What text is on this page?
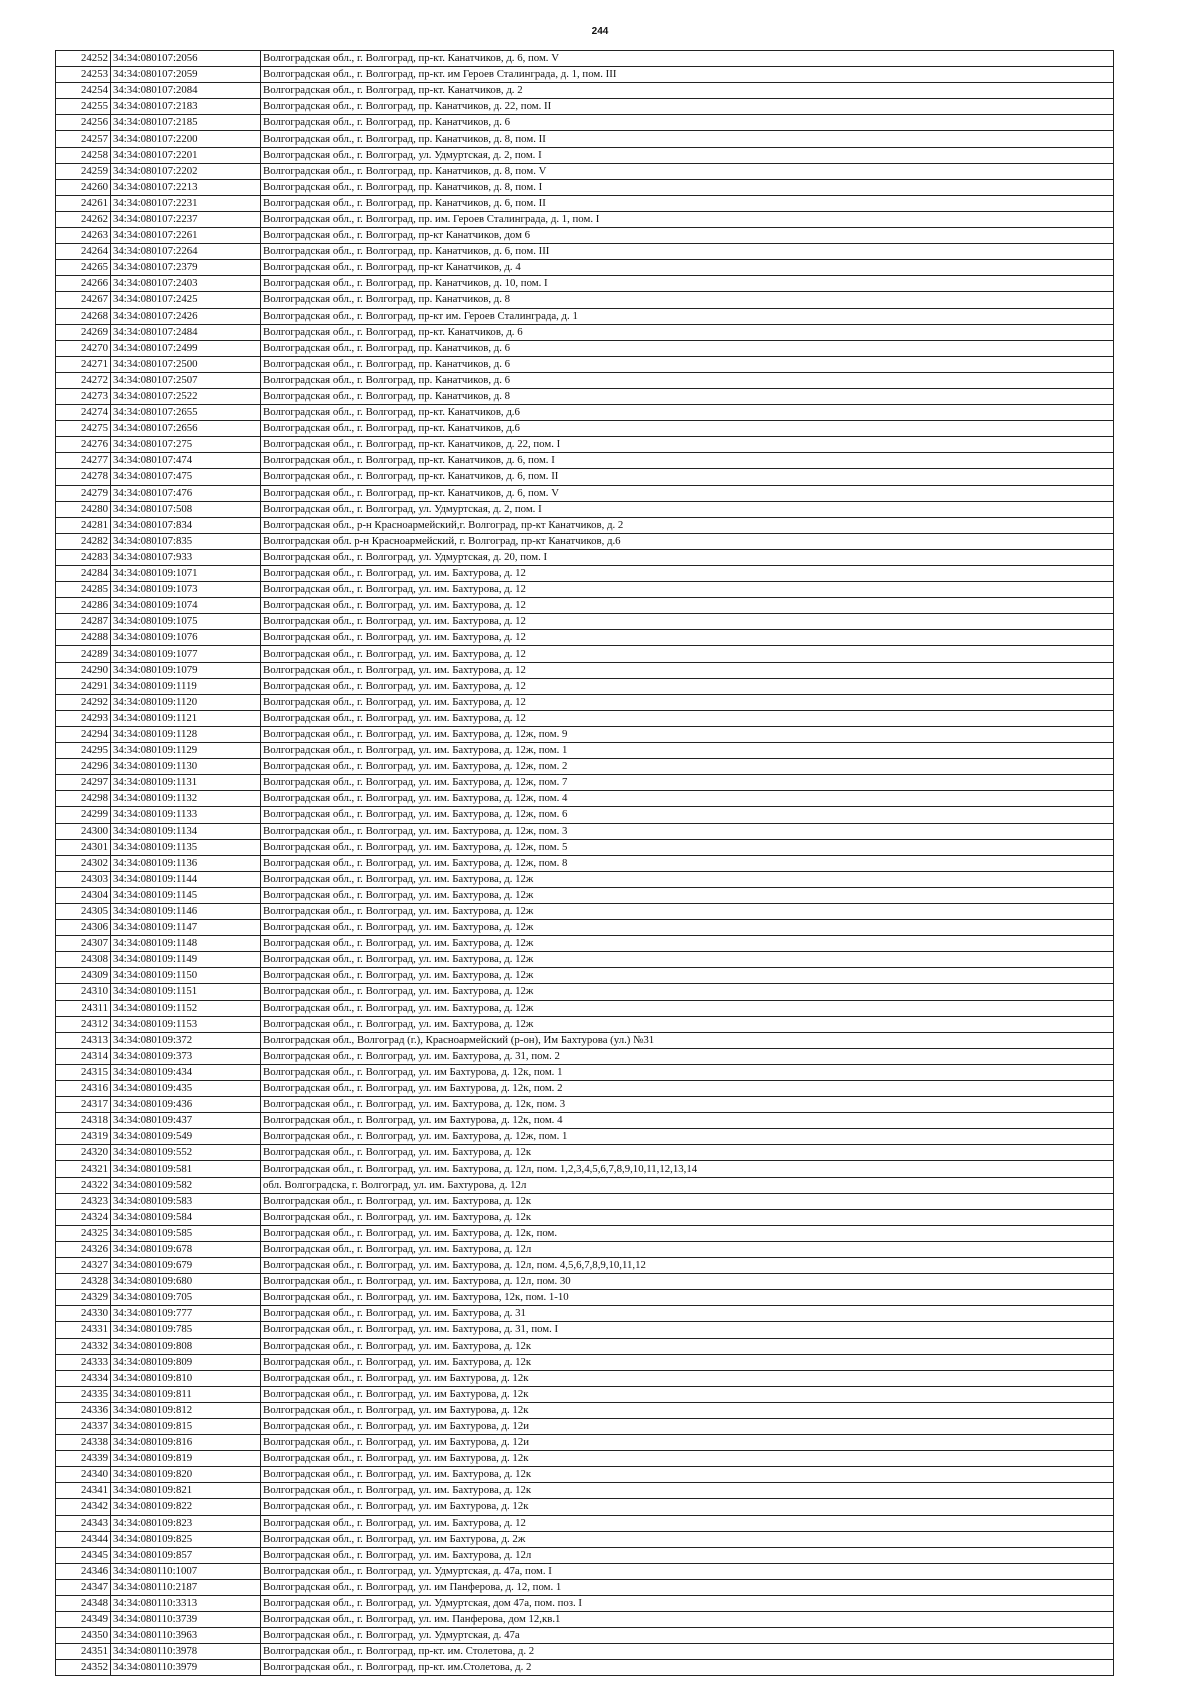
244
24252	34:34:080107:2056	Волгоградская обл., г. Волгоград, пр-кт. Канатчиков, д. 6, пом. V
24253	34:34:080107:2059	Волгоградская обл., г. Волгоград, пр-кт. им Героев Сталинграда, д. 1, пом. III
24254	34:34:080107:2084	Волгоградская обл., г. Волгоград, пр-кт. Канатчиков, д. 2
24255	34:34:080107:2183	Волгоградская обл., г. Волгоград, пр. Канатчиков, д. 22, пом. II
24256	34:34:080107:2185	Волгоградская обл., г. Волгоград, пр. Канатчиков, д. 6
24257	34:34:080107:2200	Волгоградская обл., г. Волгоград, пр. Канатчиков, д. 8, пом. II
24258	34:34:080107:2201	Волгоградская обл., г. Волгоград, ул. Удмуртская, д. 2, пом. I
24259	34:34:080107:2202	Волгоградская обл., г. Волгоград, пр. Канатчиков, д. 8, пом. V
24260	34:34:080107:2213	Волгоградская обл., г. Волгоград, пр. Канатчиков, д. 8, пом. I
24261	34:34:080107:2231	Волгоградская обл., г. Волгоград, пр. Канатчиков, д. 6, пом. II
24262	34:34:080107:2237	Волгоградская обл., г. Волгоград, пр. им. Героев Сталинграда, д. 1, пом. I
24263	34:34:080107:2261	Волгоградская обл., г. Волгоград, пр-кт Канатчиков, дом 6
24264	34:34:080107:2264	Волгоградская обл., г. Волгоград, пр. Канатчиков, д. 6, пом. III
24265	34:34:080107:2379	Волгоградская обл., г. Волгоград, пр-кт Канатчиков, д. 4
24266	34:34:080107:2403	Волгоградская обл., г. Волгоград, пр. Канатчиков, д. 10, пом. I
24267	34:34:080107:2425	Волгоградская обл., г. Волгоград, пр. Канатчиков, д. 8
24268	34:34:080107:2426	Волгоградская обл., г. Волгоград, пр-кт им. Героев Сталинграда, д. 1
24269	34:34:080107:2484	Волгоградская обл., г. Волгоград, пр-кт. Канатчиков, д. 6
24270	34:34:080107:2499	Волгоградская обл., г. Волгоград, пр. Канатчиков, д. 6
24271	34:34:080107:2500	Волгоградская обл., г. Волгоград, пр. Канатчиков, д. 6
24272	34:34:080107:2507	Волгоградская обл., г. Волгоград, пр. Канатчиков, д. 6
24273	34:34:080107:2522	Волгоградская обл., г. Волгоград, пр. Канатчиков, д. 8
24274	34:34:080107:2655	Волгоградская обл., г. Волгоград, пр-кт. Канатчиков, д.6
24275	34:34:080107:2656	Волгоградская обл., г. Волгоград, пр-кт. Канатчиков, д.6
24276	34:34:080107:275	Волгоградская обл., г. Волгоград, пр-кт. Канатчиков, д. 22, пом. I
24277	34:34:080107:474	Волгоградская обл., г. Волгоград, пр-кт. Канатчиков, д. 6, пом. I
24278	34:34:080107:475	Волгоградская обл., г. Волгоград, пр-кт. Канатчиков, д. 6, пом. II
24279	34:34:080107:476	Волгоградская обл., г. Волгоград, пр-кт. Канатчиков, д. 6, пом. V
24280	34:34:080107:508	Волгоградская обл., г. Волгоград, ул. Удмуртская, д. 2, пом. I
24281	34:34:080107:834	Волгоградская обл., р-н Красноармейский,г. Волгоград, пр-кт Канатчиков, д. 2
24282	34:34:080107:835	Волгоградская обл. р-н Красноармейский, г. Волгоград, пр-кт Канатчиков, д.6
24283	34:34:080107:933	Волгоградская обл., г. Волгоград, ул. Удмуртская, д. 20, пом. I
24284	34:34:080109:1071	Волгоградская обл., г. Волгоград, ул. им. Бахтурова, д. 12
24285	34:34:080109:1073	Волгоградская обл., г. Волгоград, ул. им. Бахтурова, д. 12
24286	34:34:080109:1074	Волгоградская обл., г. Волгоград, ул. им. Бахтурова, д. 12
24287	34:34:080109:1075	Волгоградская обл., г. Волгоград, ул. им. Бахтурова, д. 12
24288	34:34:080109:1076	Волгоградская обл., г. Волгоград, ул. им. Бахтурова, д. 12
24289	34:34:080109:1077	Волгоградская обл., г. Волгоград, ул. им. Бахтурова, д. 12
24290	34:34:080109:1079	Волгоградская обл., г. Волгоград, ул. им. Бахтурова, д. 12
24291	34:34:080109:1119	Волгоградская обл., г. Волгоград, ул. им. Бахтурова, д. 12
24292	34:34:080109:1120	Волгоградская обл., г. Волгоград, ул. им. Бахтурова, д. 12
24293	34:34:080109:1121	Волгоградская обл., г. Волгоград, ул. им. Бахтурова, д. 12
24294	34:34:080109:1128	Волгоградская обл., г. Волгоград, ул. им. Бахтурова, д. 12ж, пом. 9
24295	34:34:080109:1129	Волгоградская обл., г. Волгоград, ул. им. Бахтурова, д. 12ж, пом. 1
24296	34:34:080109:1130	Волгоградская обл., г. Волгоград, ул. им. Бахтурова, д. 12ж, пом. 2
24297	34:34:080109:1131	Волгоградская обл., г. Волгоград, ул. им. Бахтурова, д. 12ж, пом. 7
24298	34:34:080109:1132	Волгоградская обл., г. Волгоград, ул. им. Бахтурова, д. 12ж, пом. 4
24299	34:34:080109:1133	Волгоградская обл., г. Волгоград, ул. им. Бахтурова, д. 12ж, пом. 6
24300	34:34:080109:1134	Волгоградская обл., г. Волгоград, ул. им. Бахтурова, д. 12ж, пом. 3
24301	34:34:080109:1135	Волгоградская обл., г. Волгоград, ул. им. Бахтурова, д. 12ж, пом. 5
24302	34:34:080109:1136	Волгоградская обл., г. Волгоград, ул. им. Бахтурова, д. 12ж, пом. 8
24303	34:34:080109:1144	Волгоградская обл., г. Волгоград, ул. им. Бахтурова, д. 12ж
24304	34:34:080109:1145	Волгоградская обл., г. Волгоград, ул. им. Бахтурова, д. 12ж
24305	34:34:080109:1146	Волгоградская обл., г. Волгоград, ул. им. Бахтурова, д. 12ж
24306	34:34:080109:1147	Волгоградская обл., г. Волгоград, ул. им. Бахтурова, д. 12ж
24307	34:34:080109:1148	Волгоградская обл., г. Волгоград, ул. им. Бахтурова, д. 12ж
24308	34:34:080109:1149	Волгоградская обл., г. Волгоград, ул. им. Бахтурова, д. 12ж
24309	34:34:080109:1150	Волгоградская обл., г. Волгоград, ул. им. Бахтурова, д. 12ж
24310	34:34:080109:1151	Волгоградская обл., г. Волгоград, ул. им. Бахтурова, д. 12ж
24311	34:34:080109:1152	Волгоградская обл., г. Волгоград, ул. им. Бахтурова, д. 12ж
24312	34:34:080109:1153	Волгоградская обл., г. Волгоград, ул. им. Бахтурова, д. 12ж
24313	34:34:080109:372	Волгоградская обл., Волгоград (г.), Красноармейский (р-он), Им Бахтурова (ул.) №31
24314	34:34:080109:373	Волгоградская обл., г. Волгоград, ул. им. Бахтурова, д. 31, пом. 2
24315	34:34:080109:434	Волгоградская обл., г. Волгоград, ул. им Бахтурова, д. 12к, пом. 1
24316	34:34:080109:435	Волгоградская обл., г. Волгоград, ул. им Бахтурова, д. 12к, пом. 2
24317	34:34:080109:436	Волгоградская обл., г. Волгоград, ул. им. Бахтурова, д. 12к, пом. 3
24318	34:34:080109:437	Волгоградская обл., г. Волгоград, ул. им Бахтурова, д. 12к, пом. 4
24319	34:34:080109:549	Волгоградская обл., г. Волгоград, ул. им. Бахтурова, д. 12ж, пом. 1
24320	34:34:080109:552	Волгоградская обл., г. Волгоград, ул. им. Бахтурова, д. 12к
24321	34:34:080109:581	Волгоградская обл., г. Волгоград, ул. им. Бахтурова, д. 12л, пом. 1,2,3,4,5,6,7,8,9,10,11,12,13,14
24322	34:34:080109:582	обл. Волгоградска, г. Волгоград, ул. им. Бахтурова, д. 12л
24323	34:34:080109:583	Волгоградская обл., г. Волгоград, ул. им. Бахтурова, д. 12к
24324	34:34:080109:584	Волгоградская обл., г. Волгоград, ул. им. Бахтурова, д. 12к
24325	34:34:080109:585	Волгоградская обл., г. Волгоград, ул. им. Бахтурова, д. 12к, пом.
24326	34:34:080109:678	Волгоградская обл., г. Волгоград, ул. им. Бахтурова, д. 12л
24327	34:34:080109:679	Волгоградская обл., г. Волгоград, ул. им. Бахтурова, д. 12л, пом. 4,5,6,7,8,9,10,11,12
24328	34:34:080109:680	Волгоградская обл., г. Волгоград, ул. им. Бахтурова, д. 12л, пом. 30
24329	34:34:080109:705	Волгоградская обл., г. Волгоград, ул. им. Бахтурова, 12к, пом. 1-10
24330	34:34:080109:777	Волгоградская обл., г. Волгоград, ул. им. Бахтурова, д. 31
24331	34:34:080109:785	Волгоградская обл., г. Волгоград, ул. им. Бахтурова, д. 31, пом. I
24332	34:34:080109:808	Волгоградская обл., г. Волгоград, ул. им. Бахтурова, д. 12к
24333	34:34:080109:809	Волгоградская обл., г. Волгоград, ул. им. Бахтурова, д. 12к
24334	34:34:080109:810	Волгоградская обл., г. Волгоград, ул. им Бахтурова, д. 12к
24335	34:34:080109:811	Волгоградская обл., г. Волгоград, ул. им Бахтурова, д. 12к
24336	34:34:080109:812	Волгоградская обл., г. Волгоград, ул. им Бахтурова, д. 12к
24337	34:34:080109:815	Волгоградская обл., г. Волгоград, ул. им Бахтурова, д. 12и
24338	34:34:080109:816	Волгоградская обл., г. Волгоград, ул. им Бахтурова, д. 12и
24339	34:34:080109:819	Волгоградская обл., г. Волгоград, ул. им Бахтурова, д. 12к
24340	34:34:080109:820	Волгоградская обл., г. Волгоград, ул. им. Бахтурова, д. 12к
24341	34:34:080109:821	Волгоградская обл., г. Волгоград, ул. им. Бахтурова, д. 12к
24342	34:34:080109:822	Волгоградская обл., г. Волгоград, ул. им Бахтурова, д. 12к
24343	34:34:080109:823	Волгоградская обл., г. Волгоград, ул. им. Бахтурова, д. 12
24344	34:34:080109:825	Волгоградская обл., г. Волгоград, ул. им Бахтурова, д. 2ж
24345	34:34:080109:857	Волгоградская обл., г. Волгоград, ул. им. Бахтурова, д. 12л
24346	34:34:080110:1007	Волгоградская обл., г. Волгоград, ул. Удмуртская, д. 47а, пом. I
24347	34:34:080110:2187	Волгоградская обл., г. Волгоград, ул. им Панферова, д. 12, пом. 1
24348	34:34:080110:3313	Волгоградская обл., г. Волгоград, ул. Удмуртская, дом 47а, пом. поз. I
24349	34:34:080110:3739	Волгоградская обл., г. Волгоград, ул. им. Панферова, дом 12,кв.1
24350	34:34:080110:3963	Волгоградская обл., г. Волгоград, ул. Удмуртская, д. 47а
24351	34:34:080110:3978	Волгоградская обл., г. Волгоград, пр-кт. им. Столетова, д. 2
24352	34:34:080110:3979	Волгоградская обл., г. Волгоград, пр-кт. им.Столетова, д. 2
